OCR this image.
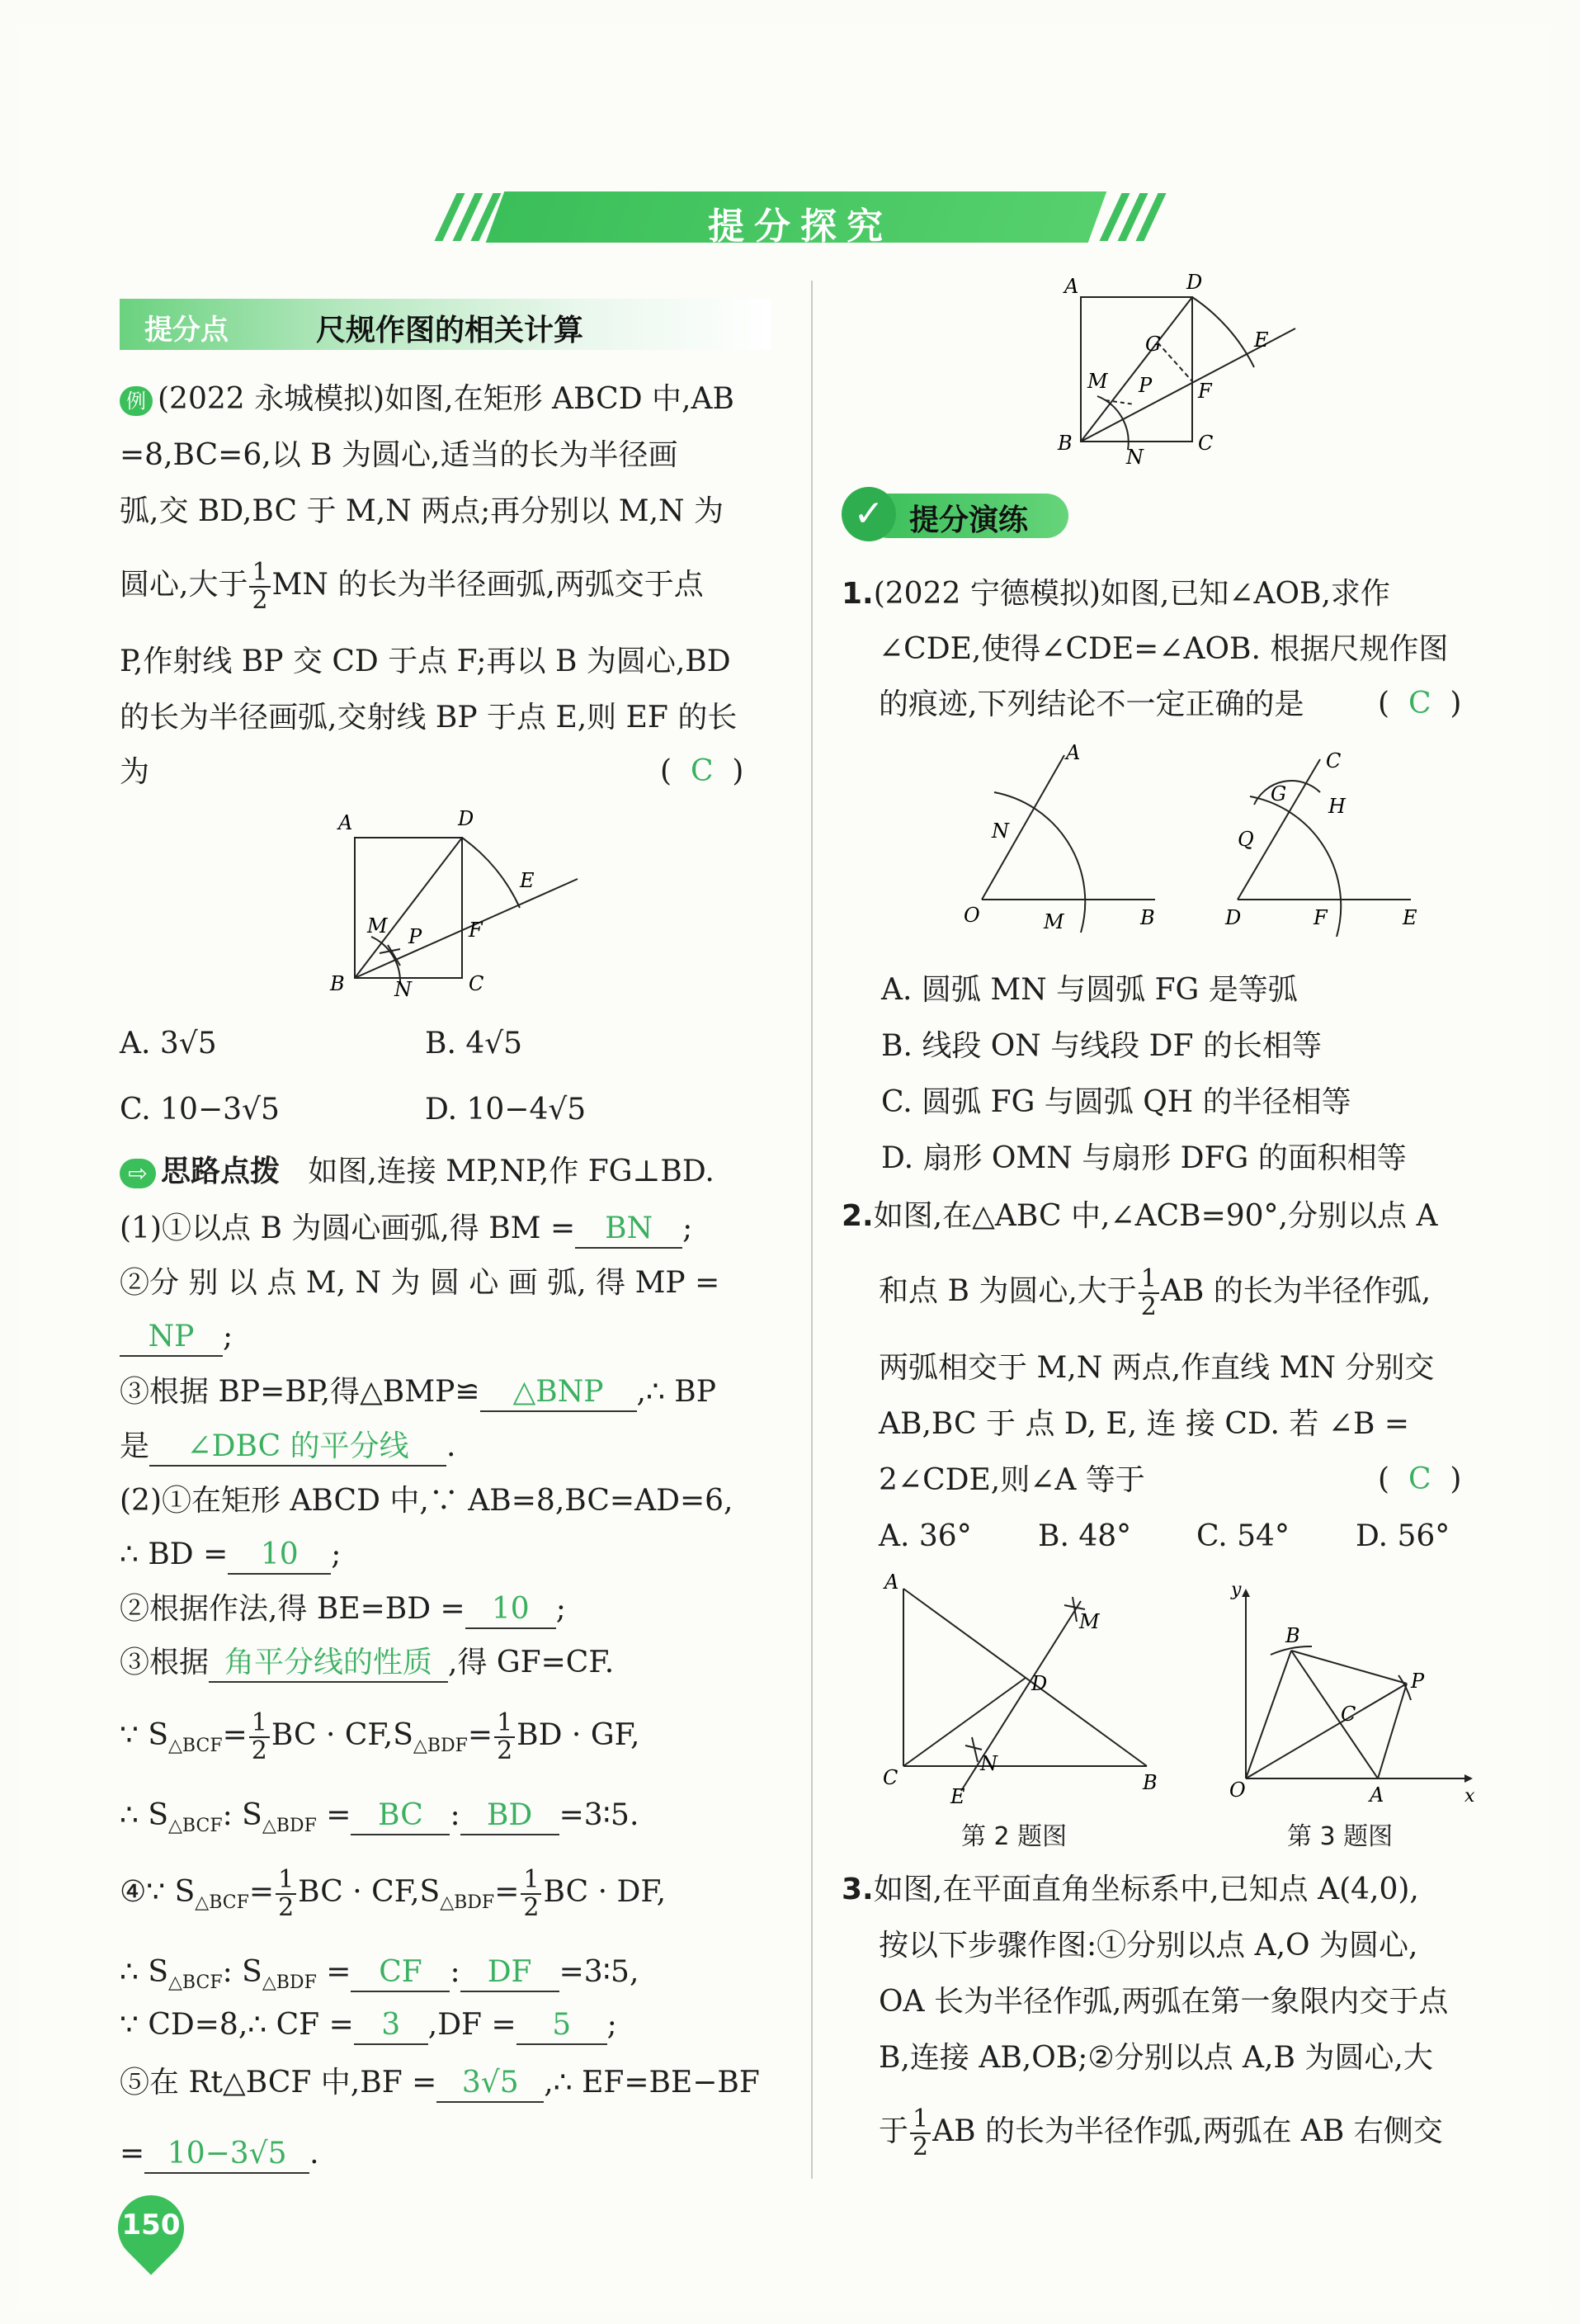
提分探究
提分点	尺规作图的相关计算
例 (2022 永城模拟)如图,在矩形 ABCD 中,AB
=8,BC=6,以 B 为圆心,适当的长为半径画
弧,交 BD,BC 于 M,N 两点;再分别以 M,N 为
圆心,大于 $\frac{1}{2}$ MN 的长为半径画弧,两弧交于点
P,作射线 BP 交 CD 于点 F;再以 B 为圆心,BD
的长为半径画弧,交射线 BP 于点 E,则 EF 的长
为	(  C  )
A	D
B	C
E
F
M P
N
A. 3√5	B. 4√5
C. 10−3√5	D. 10−4√5
⇨ 思路点拨 如图,连接 MP,NP,作 FG⊥BD.
(1)①以点 B 为圆心画弧,得 BM = BN ;
②分 别 以 点 M, N 为 圆 心 画 弧, 得 MP =
NP ;
③根据 BP=BP,得△BMP≌ △BNP ,∴ BP
是 ∠DBC 的平分线 .
(2)①在矩形 ABCD 中,∵ AB=8,BC=AD=6,
∴ BD = 10 ;
②根据作法,得 BE=BD = 10 ;
③根据 角平分线的性质 ,得 GF=CF.
∵ $S_{\triangle BCF}= \frac{1}{2}$ BC · $CF,S_{\triangle BDF}= \frac{1}{2}$ BD · GF,
∴ $S_{\triangle BCF}$: $S_{\triangle BDF}$ = BC : BD =3∶5.
④∵ $S_{\triangle BCF}= \frac{1}{2}$ BC · $CF,S_{\triangle BDF}= \frac{1}{2}$ BC · DF,
∴ $S_{\triangle BCF}$: $S_{\triangle BDF}$ = CF : DF =3∶5,
∵ CD=8,∴ CF = 3 ,DF = 5 ;
⑤在 Rt△BCF 中,BF = 3√5 ,∴ EF=BE−BF
= 10−3√5 .
A	D
B	C
G	E
F
M P
N
✓ 提分演练
1.(2022 宁德模拟)如图,已知∠AOB,求作
∠CDE,使得∠CDE=∠AOB. 根据尺规作图
的痕迹,下列结论不一定正确的是 (  C  )
O	M	B
A
N
D	F	E
C
G
H
Q
A. 圆弧 MN 与圆弧 FG 是等弧
B. 线段 ON 与线段 DF 的长相等
C. 圆弧 FG 与圆弧 QH 的半径相等
D. 扇形 OMN 与扇形 DFG 的面积相等
2.如图,在△ABC 中,∠ACB=90°,分别以点 A
和点 B 为圆心,大于 $\frac{1}{2}$ AB 的长为半径作弧,
两弧相交于 M,N 两点,作直线 MN 分别交
AB,BC 于 点 D, E, 连 接 CD. 若 ∠B =
2∠CDE,则∠A 等于	(  C  )
A. 36° B. 48° C. 54° D. 56°
A
C	B
D
M
N
E
第 2 题图
y
x
O	A
B
C
P
第 3 题图
3.如图,在平面直角坐标系中,已知点 A(4,0),
按以下步骤作图:①分别以点 A,O 为圆心,
OA 长为半径作弧,两弧在第一象限内交于点
B,连接 AB,OB;②分别以点 A,B 为圆心,大
于 $\frac{1}{2}$ AB 的长为半径作弧,两弧在 AB 右侧交
150
